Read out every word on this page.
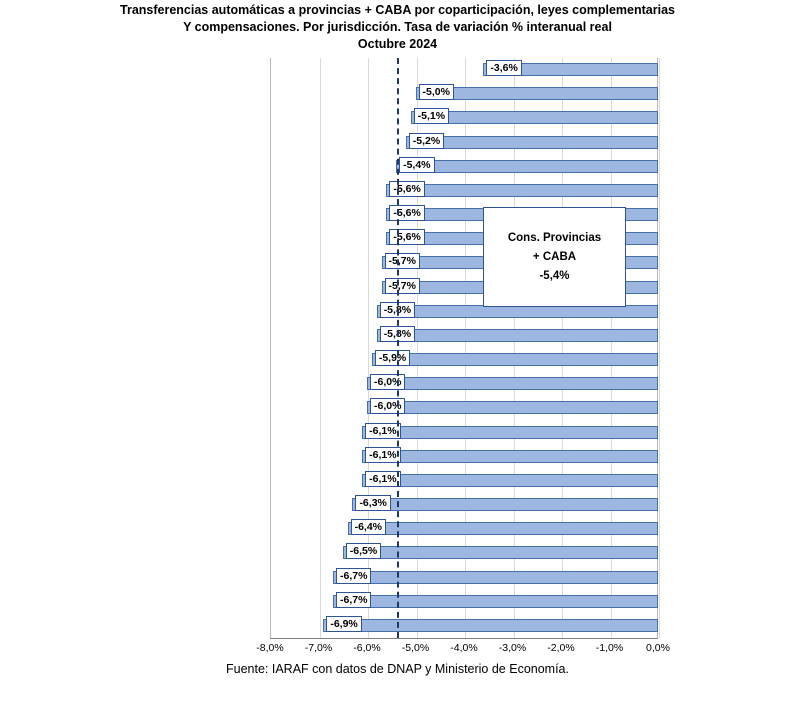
Transferencias automáticas a provincias + CABA por coparticipación, leyes complementarias
Y compensaciones. Por jurisdicción. Tasa de variación % interanual real
Octubre 2024
-8,0%	-7,0%	-6,0%	-5,0%	-4,0%	-3,0%	-2,0%	-1,0%	0,0%
-3,6%
-5,0%
-5,1%
-5,2%
-5,4%
-5,6%
-5,6%
-5,6%
-5,7%
-5,7%
-5,8%
-5,8%
-5,9%
-6,0%
-6,0%
-6,1%
-6,1%
-6,1%
-6,3%
-6,4%
-6,5%
-6,7%
-6,7%
-6,9%
Cons. Provincias
+ CABA
-5,4%
Fuente: IARAF con datos de DNAP y Ministerio de Economía.
